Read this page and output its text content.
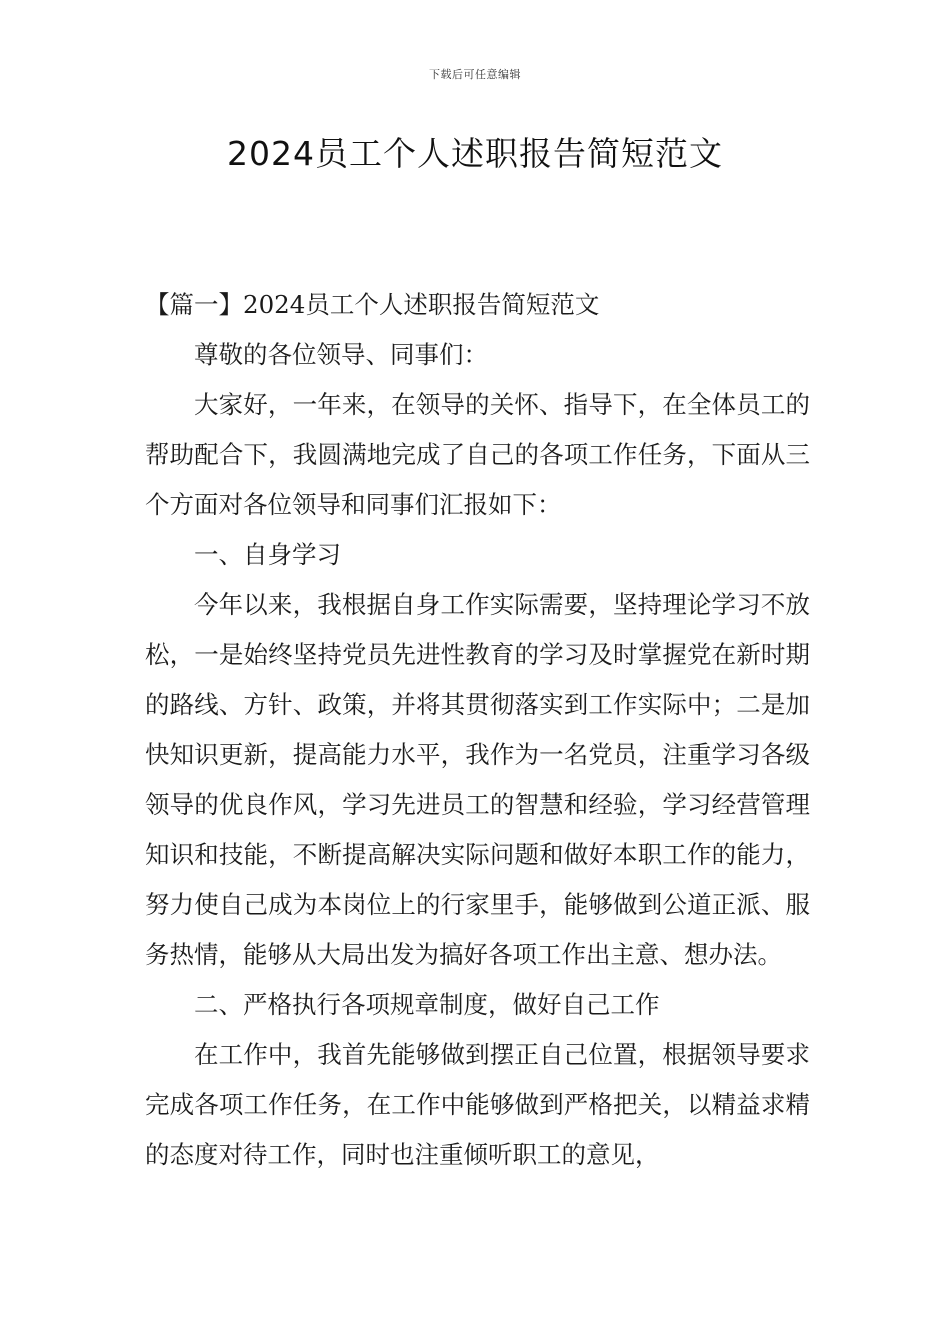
下载后可任意编辑
2024员工个人述职报告简短范文

【篇一】2024员工个人述职报告简短范文

尊敬的各位领导、同事们：

大家好，一年来，在领导的关怀、指导下，在全体员工的帮助配合下，我圆满地完成了自己的各项工作任务，下面从三个方面对各位领导和同事们汇报如下：

一、自身学习

今年以来，我根据自身工作实际需要，坚持理论学习不放松，一是始终坚持党员先进性教育的学习及时掌握党在新时期的路线、方针、政策，并将其贯彻落实到工作实际中；二是加快知识更新，提高能力水平，我作为一名党员，注重学习各级领导的优良作风，学习先进员工的智慧和经验，学习经营管理知识和技能，不断提高解决实际问题和做好本职工作的能力，努力使自己成为本岗位上的行家里手，能够做到公道正派、服务热情，能够从大局出发为搞好各项工作出主意、想办法。

二、严格执行各项规章制度，做好自己工作

在工作中，我首先能够做到摆正自己位置，根据领导要求完成各项工作任务，在工作中能够做到严格把关，以精益求精的态度对待工作，同时也注重倾听职工的意见，
